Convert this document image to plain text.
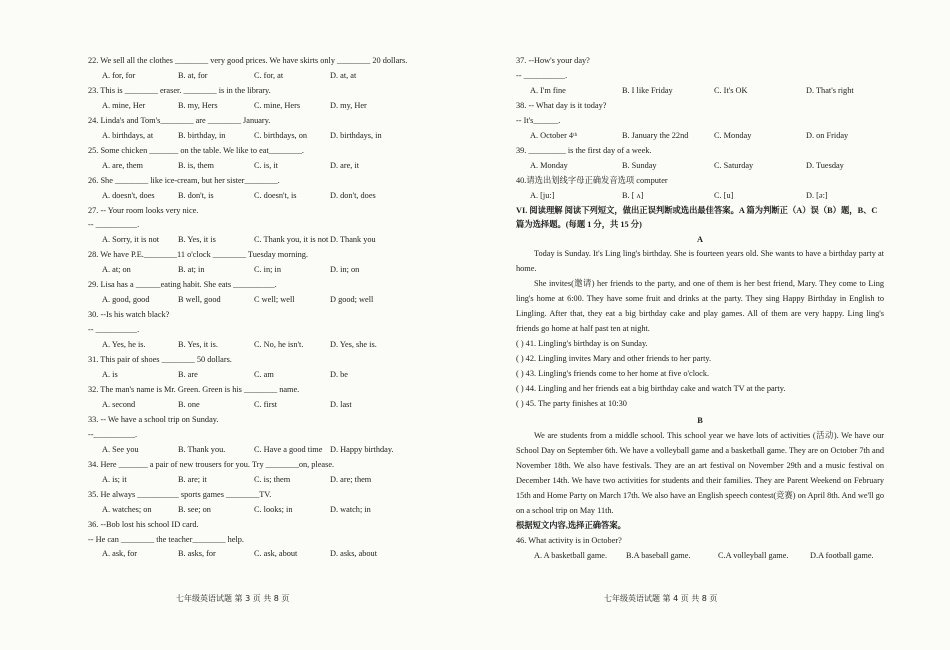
22. We sell all the clothes ________ very good prices. We have skirts only ________ 20 dollars.
A. for, for	B. at, for	C. for, at	D. at, at
23. This is ________ eraser. ________ is in the library.
A. mine, Her	B. my, Hers	C. mine, Hers	D. my, Her
24. Linda's and Tom's________ are ________ January.
A. birthdays, at	B. birthday, in	C. birthdays, on	D. birthdays, in
25. Some chicken _______ on the table. We like to eat________.
A. are, them	B. is, them	C. is, it	D. are, it
26. She ________ like ice-cream, but her sister________.
A. doesn't, does	B. don't, is	C. doesn't, is	D. don't, does
27. -- Your room looks very nice.
-- __________.
A. Sorry, it is not	B. Yes, it is	C. Thank you, it is not D. Thank you
28. We have P.E.________11 o'clock ________ Tuesday morning.
A. at; on	B. at; in	C. in; in	D. in; on
29. Lisa has a ______eating habit. She eats __________.
A. good, good	B well, good	C well; well	D good; well
30. --Is his watch black?
-- __________.
A. Yes, he is.	B. Yes, it is.	C. No, he isn't.	D. Yes, she is.
31. This pair of shoes ________ 50 dollars.
A. is	B. are	C. am	D. be
32. The man's name is Mr. Green. Green is his ________ name.
A. second	B. one	C. first	D. last
33. -- We have a school trip on Sunday.
--__________.
A. See you	B. Thank you.	C. Have a good time D. Happy birthday.
34. Here _______ a pair of new trousers for you. Try ________on, please.
A. is; it	B. are; it	C. is; them	D. are; them
35. He always __________ sports games ________TV.
A. watches; on	B. see; on	C. looks; in	D. watch; in
36. --Bob lost his school ID card.
-- He can ________ the teacher________ help.
A. ask, for	B. asks, for	C. ask, about	D. asks, about
七年级英语试题 第 3 页 共 8 页
37. --How's your day?
-- __________.
A. I'm fine	B. I like Friday	C. It's OK	D. That's right
38. -- What day is it today?
-- It's______.
A. October 4ᵗʰ	B. January the 22nd	C. Monday	D. on Friday
39. _________ is the first day of a week.
A. Monday	B. Sunday	C. Saturday	D. Tuesday
40.请选出划线字母正确发音选项 computer
A. [ju:]	B. [ ʌ]	C. [u]	D. [ə:]
VI. 阅读理解 阅读下列短文，做出正误判断或选出最佳答案。A 篇为判断正（A）误（B）题，B、C 篇为选择题。(每题 1 分，共 15 分)
A
Today is Sunday. It's Ling ling's birthday. She is fourteen years old. She wants to have a birthday party at home.
She invites(邀请) her friends to the party, and one of them is her best friend, Mary. They come to Ling ling's home at 6:00. They have some fruit and drinks at the party. They sing Happy Birthday in English to Lingling. After that, they eat a big birthday cake and play games. All of them are very happy. Ling ling's friends go home at half past ten at night.
( ) 41. Lingling's birthday is on Sunday.
( ) 42. Lingling invites Mary and other friends to her party.
( ) 43. Lingling's friends come to her home at five o'clock.
( ) 44. Lingling and her friends eat a big birthday cake and watch TV at the party.
( ) 45. The party finishes at 10:30
B
We are students from a middle school. This school year we have lots of activities (活动). We have our School Day on September 6th. We have a volleyball game and a basketball game. They are on October 7th and November 18th. We also have festivals. They are an art festival on November 29th and a music festival on December 14th. We have two activities for students and their families. They are Parent Weekend on February 15th and Home Party on March 17th. We also have an English speech contest(竞赛) on April 8th. And we'll go on a school trip on May 11th.
根据短文内容,选择正确答案。
46. What activity is in October?
A. A basketball game.	B.A baseball game.	C.A volleyball game.	D.A football game.
七年级英语试题 第 4 页 共 8 页
